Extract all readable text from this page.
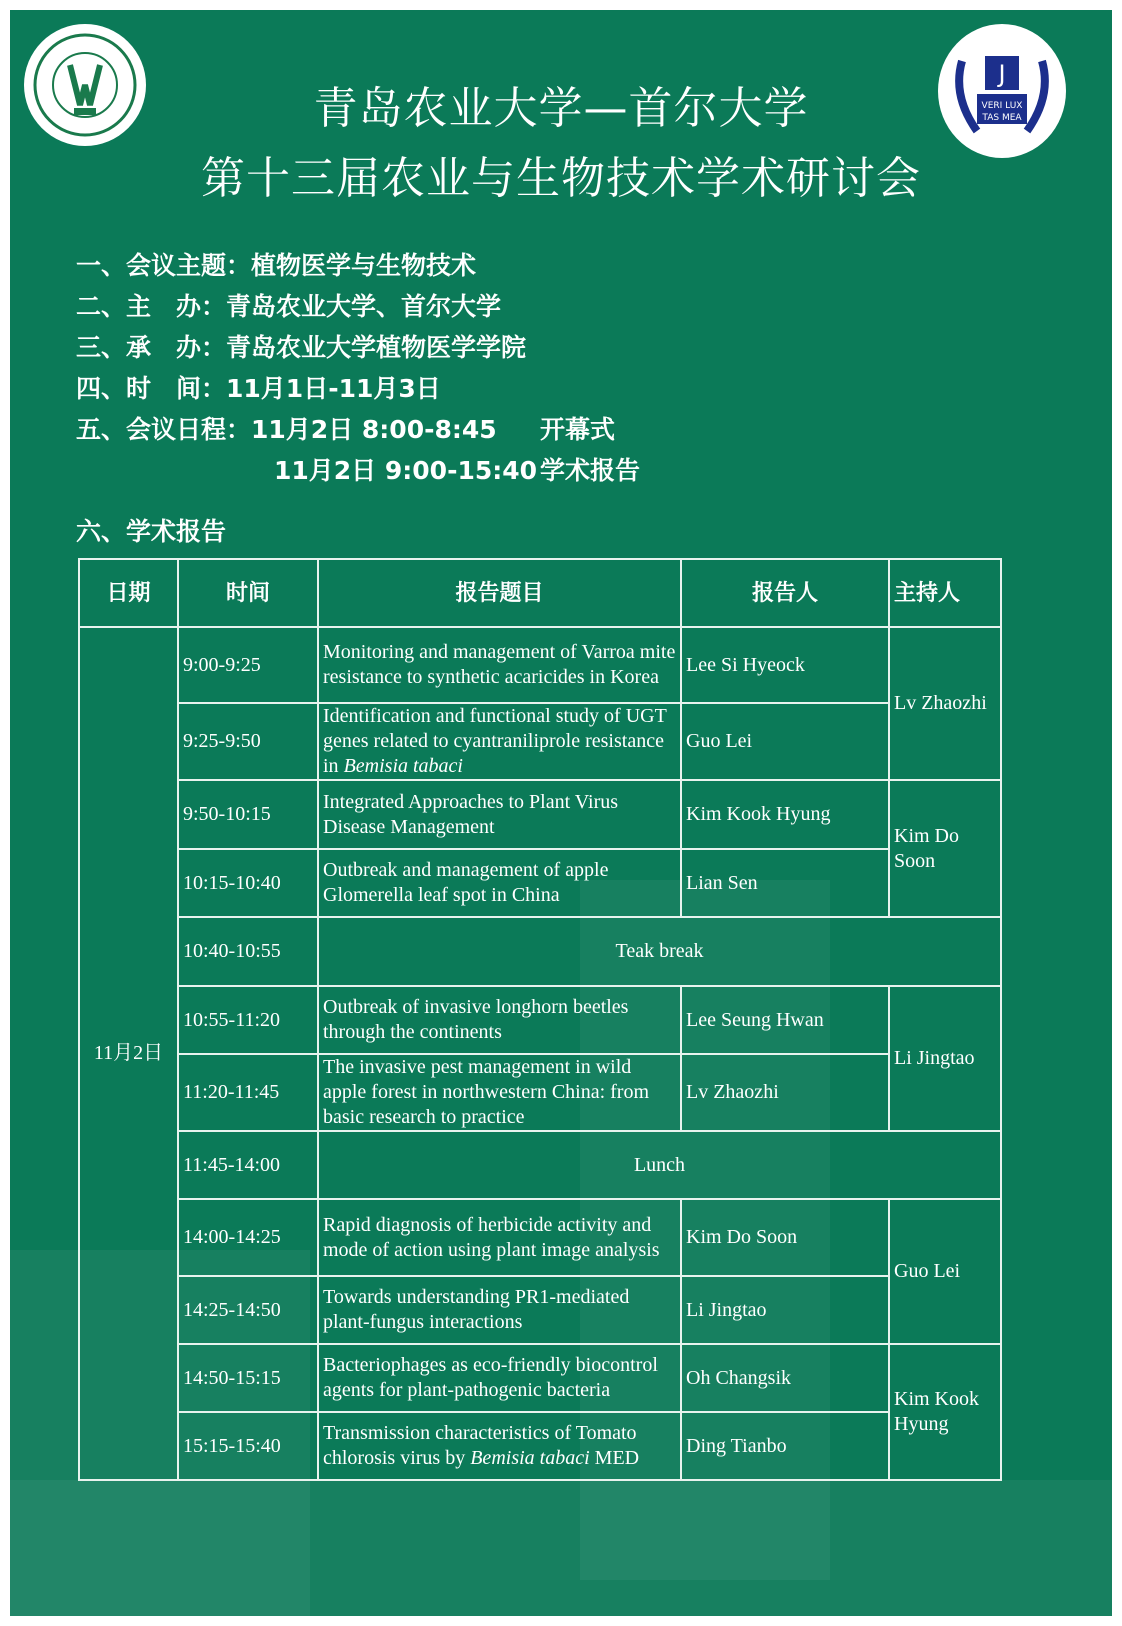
J
VERI LUX
TAS MEA
青岛农业大学—首尔大学
第十三届农业与生物技术学术研讨会
一、会议主题：植物医学与生物技术
二、主　办：青岛农业大学、首尔大学
三、承　办：青岛农业大学植物医学学院
四、时　间：11月1日-11月3日
五、会议日程：11月2日 8:00-8:45 开幕式
11月2日 9:00-15:40 学术报告
六、学术报告
日期	时间	报告题目	报告人	主持人
11月2日	9:00-9:25	Monitoring and management of Varroa mite resistance to synthetic acaricides in Korea	Lee Si Hyeock	Lv Zhaozhi
	9:25-9:50	Identification and functional study of UGT genes related to cyantraniliprole resistance in Bemisia tabaci	Guo Lei	
	9:50-10:15	Integrated Approaches to Plant Virus Disease Management	Kim Kook Hyung	Kim Do Soon
	10:15-10:40	Outbreak and management of apple Glomerella leaf spot in China	Lian Sen	
	10:40-10:55	Teak break		
	10:55-11:20	Outbreak of invasive longhorn beetles through the continents	Lee Seung Hwan	Li Jingtao
	11:20-11:45	The invasive pest management in wild apple forest in northwestern China: from basic research to practice	Lv Zhaozhi	
	11:45-14:00	Lunch		
	14:00-14:25	Rapid diagnosis of herbicide activity and mode of action using plant image analysis	Kim Do Soon	Guo Lei
	14:25-14:50	Towards understanding PR1-mediated plant-fungus interactions	Li Jingtao	
	14:50-15:15	Bacteriophages as eco-friendly biocontrol agents for plant-pathogenic bacteria	Oh Changsik	Kim Kook Hyung
	15:15-15:40	Transmission characteristics of Tomato chlorosis virus by Bemisia tabaci MED	Ding Tianbo	
